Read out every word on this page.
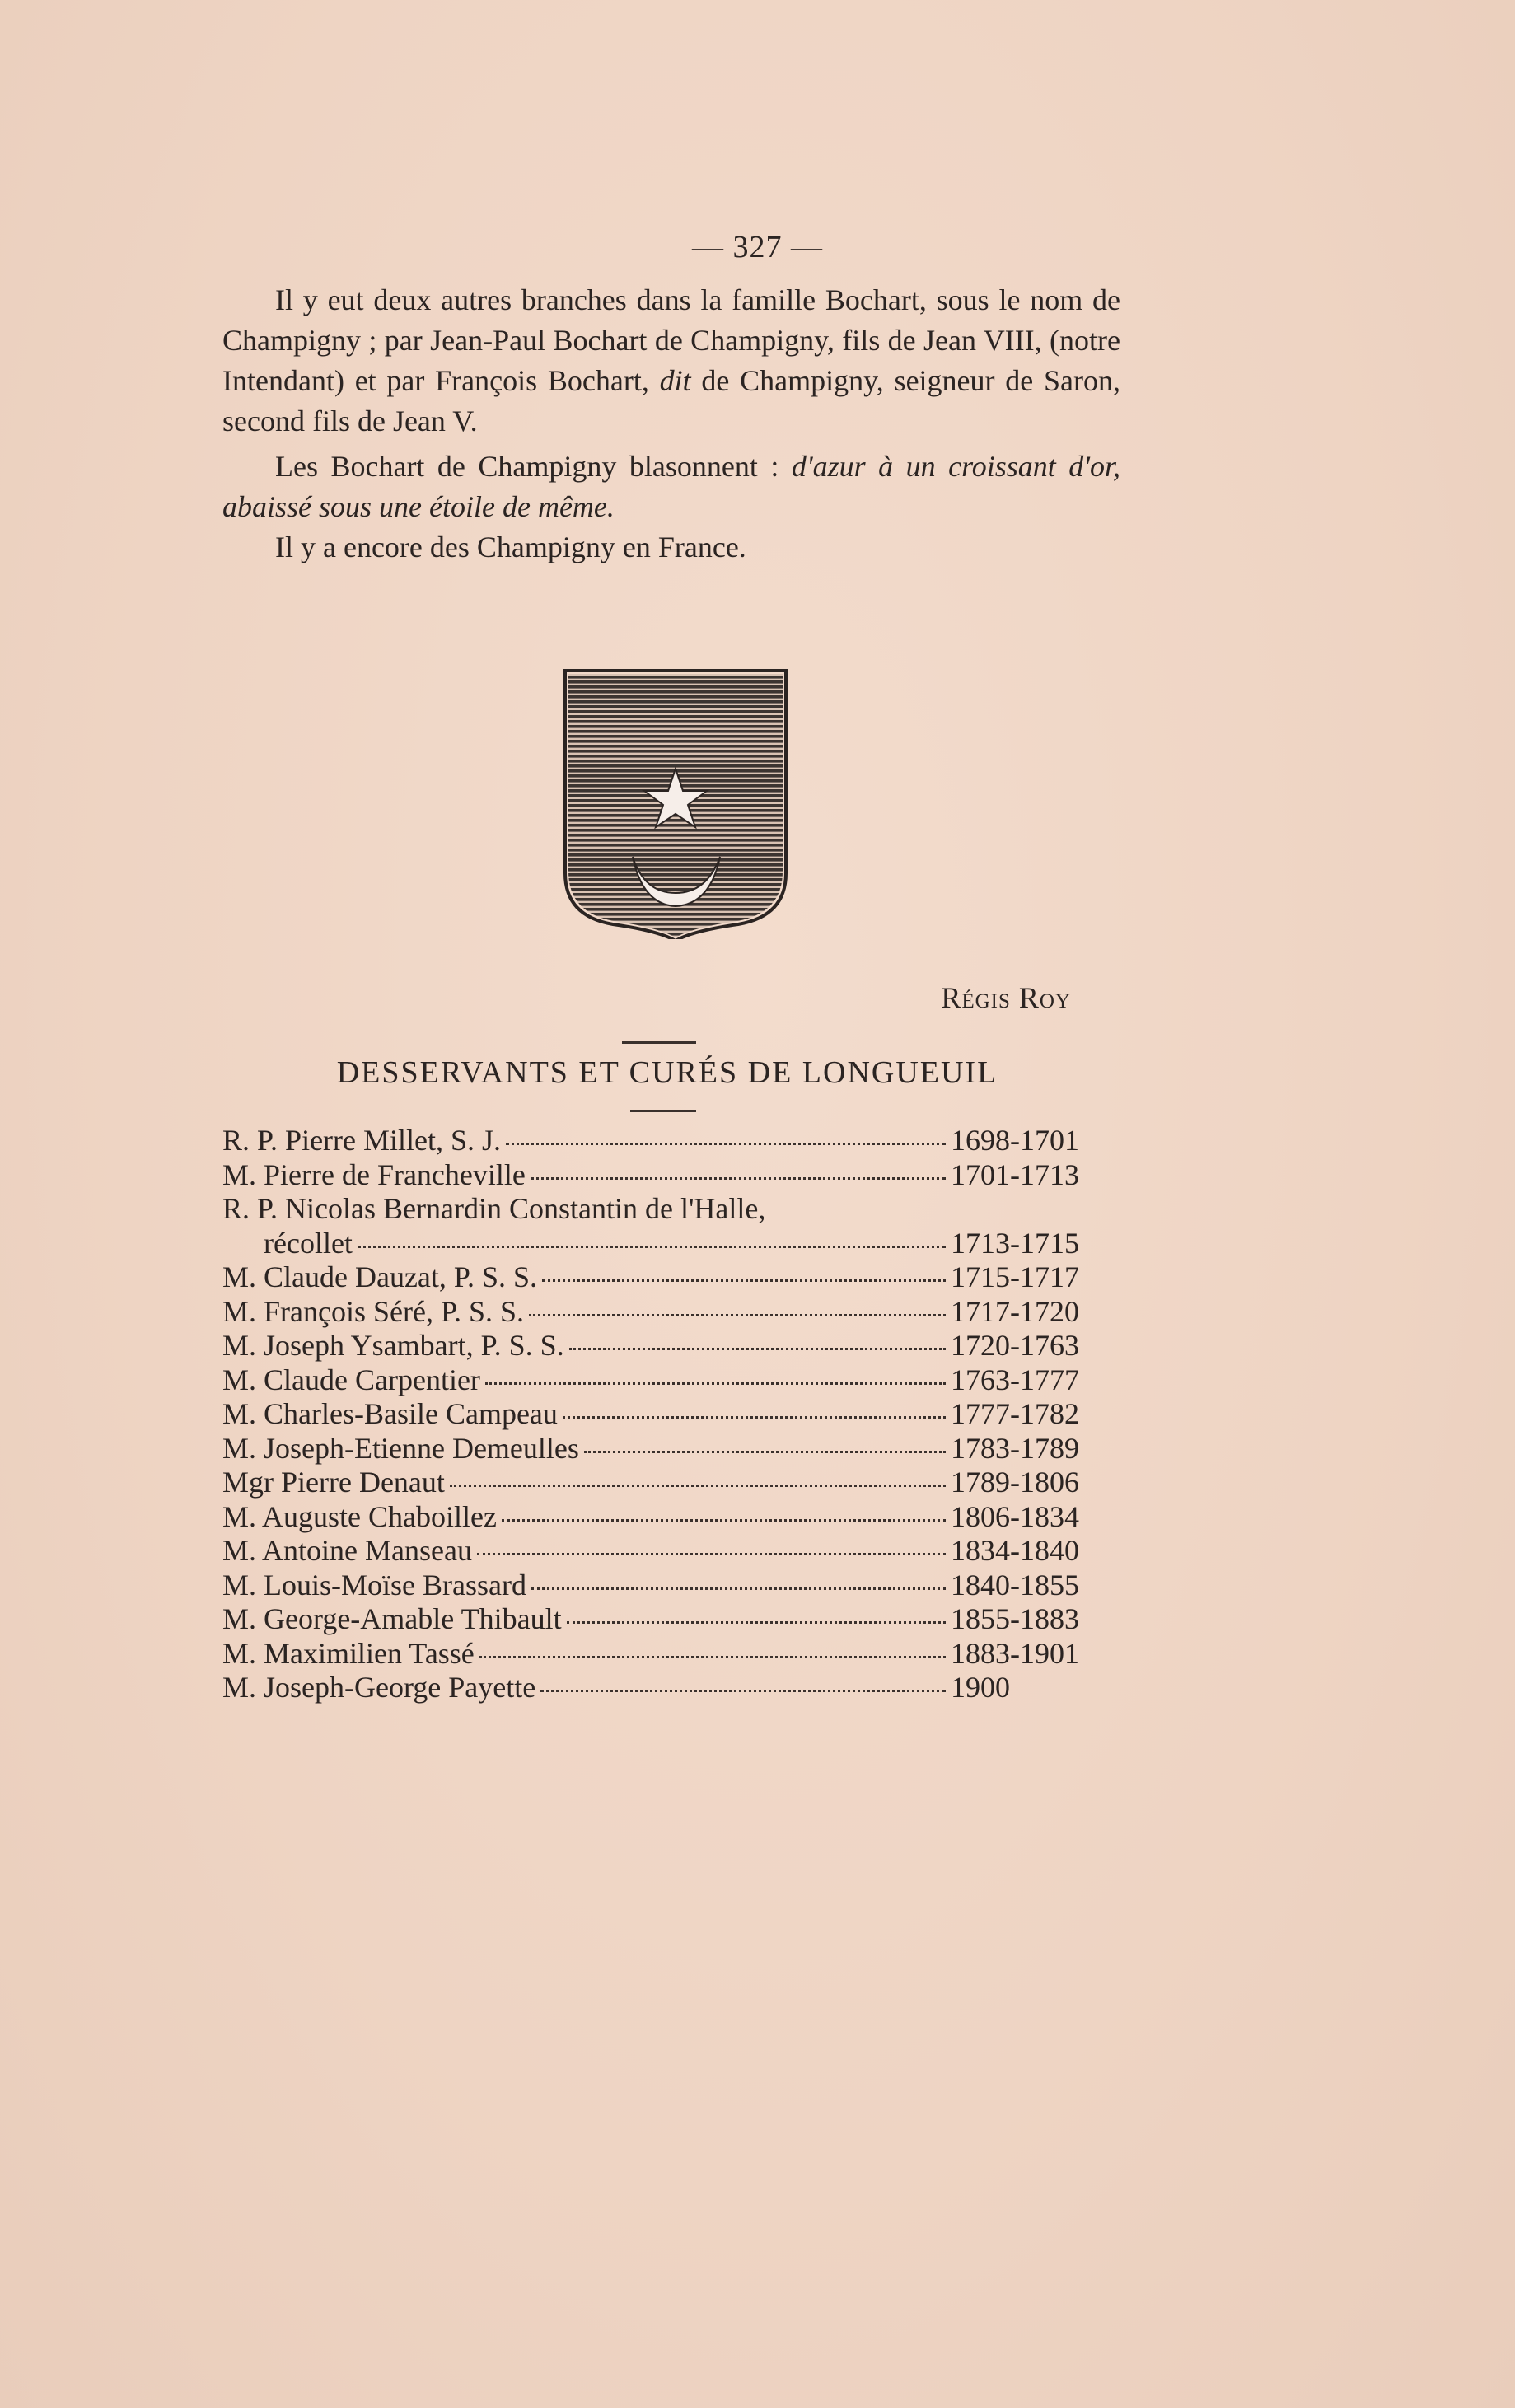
— 327 —

Il y eut deux autres branches dans la famille Bochart, sous le nom de Champigny ; par Jean-Paul Bochart de Champigny, fils de Jean VIII, (notre Intendant) et par François Bochart, dit de Champigny, seigneur de Saron, second fils de Jean V.

Les Bochart de Champigny blasonnent : d'azur à un croissant d'or, abaissé sous une étoile de même.

Il y a encore des Champigny en France.

Régis Roy
DESSERVANTS ET CURÉS DE LONGUEUIL
R. P. Pierre Millet, S. J.	1698-1701
M. Pierre de Francheville	1701-1713
R. P. Nicolas Bernardin Constantin de l'Halle,
récollet	1713-1715
M. Claude Dauzat, P. S. S.	1715-1717
M. François Séré, P. S. S.	1717-1720
M. Joseph Ysambart, P. S. S.	1720-1763
M. Claude Carpentier	1763-1777
M. Charles-Basile Campeau	1777-1782
M. Joseph-Etienne Demeulles	1783-1789
Mgr Pierre Denaut	1789-1806
M. Auguste Chaboillez	1806-1834
M. Antoine Manseau	1834-1840
M. Louis-Moïse Brassard	1840-1855
M. George-Amable Thibault	1855-1883
M. Maximilien Tassé	1883-1901
M. Joseph-George Payette	1900
